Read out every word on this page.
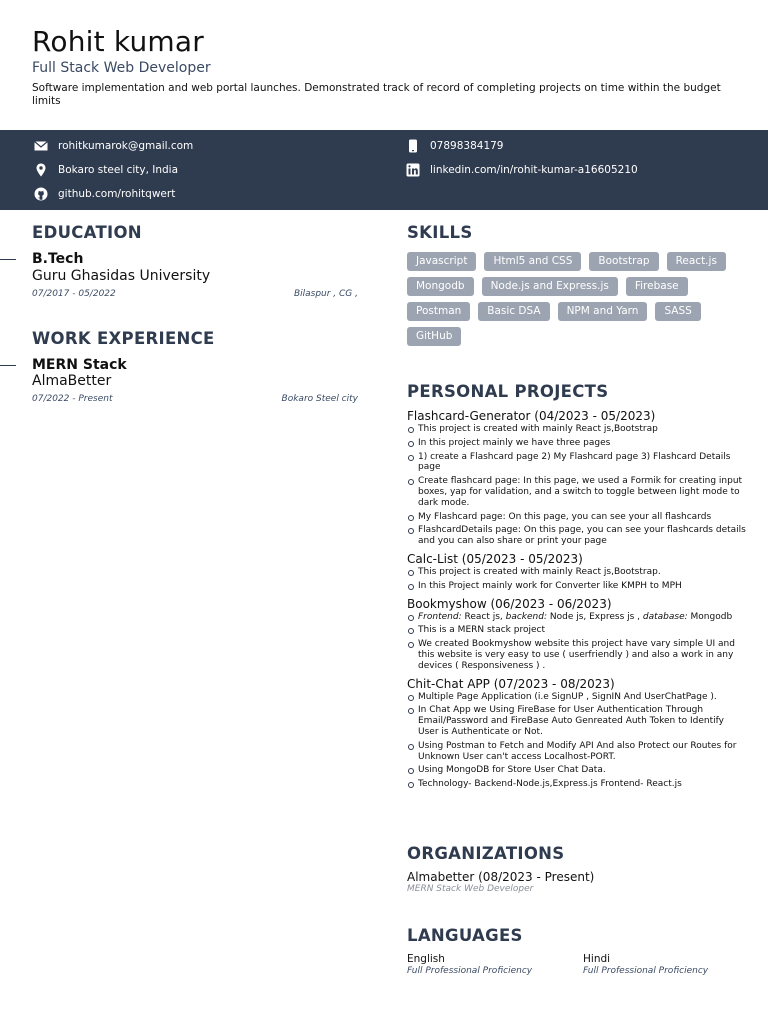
Rohit kumar
Full Stack Web Developer
Software implementation and web portal launches. Demonstrated track of record of completing projects on time within the budget limits
rohitkumarok@gmail.com	07898384179
Bokaro steel city, India	linkedin.com/in/rohit-kumar-a16605210
github.com/rohitqwert
EDUCATION
B.Tech
Guru Ghasidas University
07/2017 - 05/2022	Bilaspur , CG ,
WORK EXPERIENCE
MERN Stack
AlmaBetter
07/2022 - Present	Bokaro Steel city
SKILLS
Javascript	Html5 and CSS	Bootstrap	React.js
Mongodb	Node.js and Express.js	Firebase
Postman	Basic DSA	NPM and Yarn	SASS
GitHub
PERSONAL PROJECTS
Flashcard-Generator (04/2023 - 05/2023)
This project is created with mainly React js,Bootstrap
In this project mainly we have three pages
1) create a Flashcard page 2) My Flashcard page 3) Flashcard Details page
Create flashcard page: In this page, we used a Formik for creating input boxes, yap for validation, and a switch to toggle between light mode to dark mode.
My Flashcard page: On this page, you can see your all flashcards
FlashcardDetails page: On this page, you can see your flashcards details and you can also share or print your page
Calc-List (05/2023 - 05/2023)
This project is created with mainly React js,Bootstrap.
In this Project mainly work for Converter like KMPH to MPH
Bookmyshow (06/2023 - 06/2023)
Frontend: React js, backend: Node js, Express js , database: Mongodb
This is a MERN stack project
We created Bookmyshow website this project have vary simple UI and this website is very easy to use ( userfriendly ) and also a work in any devices ( Responsiveness ) .
Chit-Chat APP (07/2023 - 08/2023)
Multiple Page Application (i.e SignUP , SignIN And UserChatPage ).
In Chat App we Using FireBase for User Authentication Through Email/Password and FireBase Auto Genreated Auth Token to Identify User is Authenticate or Not.
Using Postman to Fetch and Modify API And also Protect our Routes for Unknown User can't access Localhost-PORT.
Using MongoDB for Store User Chat Data.
Technology- Backend-Node.js,Express.js Frontend- React.js
ORGANIZATIONS
Almabetter (08/2023 - Present)
MERN Stack Web Developer
LANGUAGES
English
Full Professional Proficiency
Hindi
Full Professional Proficiency
